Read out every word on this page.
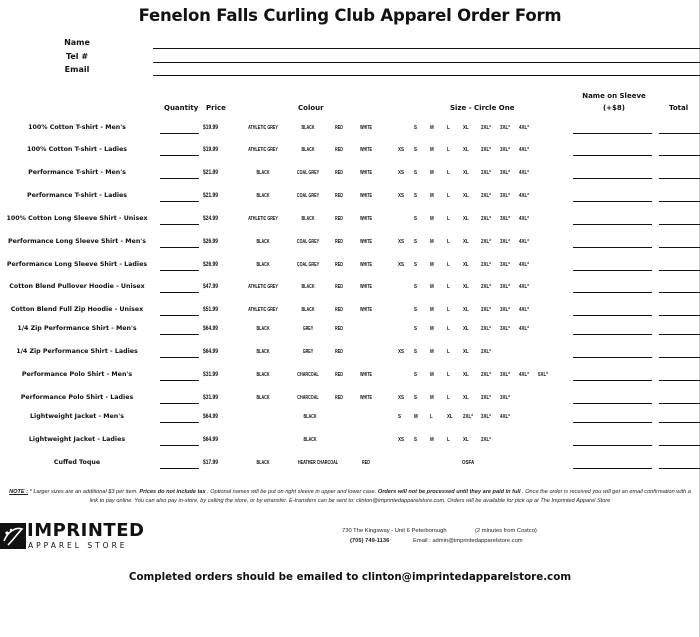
Fenelon Falls Curling Club Apparel Order Form
Name
Tel #
Email
Quantity Price	Colour	Size - Circle One
Name on Sleeve
(+$8)	Total
100% Cotton T-shirt - Men's	$19.99	ATHLETIC GREY	BLACK	RED	WHITE	S M L XL 2XL* 3XL* 4XL*
100% Cotton T-shirt - Ladies	$19.99	ATHLETIC GREY	BLACK	RED	WHITE	XS S M L XL 2XL* 3XL* 4XL*
Performance T-shirt - Men's	$21.99	BLACK	COAL GREY	RED	WHITE	XS S M L XL 2XL* 3XL* 4XL*
Performance T-shirt - Ladies	$21.99	BLACK	COAL GREY	RED	WHITE	XS S M L XL 2XL* 3XL* 4XL*
100% Cotton Long Sleeve Shirt - Unisex	$24.99	ATHLETIC GREY	BLACK	RED	WHITE	S M L XL 2XL* 3XL* 4XL*
Performance Long Sleeve Shirt - Men's	$26.99	BLACK	COAL GREY	RED	WHITE	XS S M L XL 2XL* 3XL* 4XL*
Performance Long Sleeve Shirt - Ladies	$26.99	BLACK	COAL GREY	RED	WHITE	XS S M L XL 2XL* 3XL* 4XL*
Cotton Blend Pullover Hoodie - Unisex	$47.99	ATHLETIC GREY	BLACK	RED	WHITE	S M L XL 2XL* 3XL* 4XL*
Cotton Blend Full Zip Hoodie - Unisex	$51.99	ATHLETIC GREY	BLACK	RED	WHITE	S M L XL 2XL* 3XL* 4XL*
1/4 Zip Performance Shirt - Men's	$64.99	BLACK	GREY	RED	S M L XL 2XL* 3XL* 4XL*
1/4 Zip Performance Shirt - Ladies	$64.99	BLACK	GREY	RED	XS S M L XL 2XL*
Performance Polo Shirt - Men's	$31.99	BLACK	CHARCOAL	RED	WHITE	S M L XL 2XL* 3XL* 4XL* 5XL*
Performance Polo Shirt - Ladies	$31.99	BLACK	CHARCOAL	RED	WHITE	XS S M L XL 2XL* 3XL*
Lightweight Jacket - Men's	$64.99	BLACK	S M L	XL 2XL* 3XL* 4XL*
Lightweight Jacket - Ladies	$64.99	BLACK	XS S M L XL 2XL*
Cuffed Toque	$17.99	BLACK	HEATHER CHARCOAL	RED	OSFA
NOTE : * Larger sizes are an additional $3 per item. Prices do not include tax . Optional names will be put on right sleeve in upper and lower case. Orders will not be processed until they are paid in full . Once the order is received you will get an email confirmation with a link to pay online. You can also pay in-store, by calling the store, or by etransfer. E-transfers can be sent to: clinton@imprintedapparelstore.com. Orders will be available for pick up at The Imprinted Apparel Store
IMPRINTED
APPAREL STORE
730 The Kingsway - Unit 6 Peterborough	(2 minutes from Costco)
(705) 749-1136	Email : admin@imprintedapparelstore.com
Completed orders should be emailed to clinton@imprintedapparelstore.com
